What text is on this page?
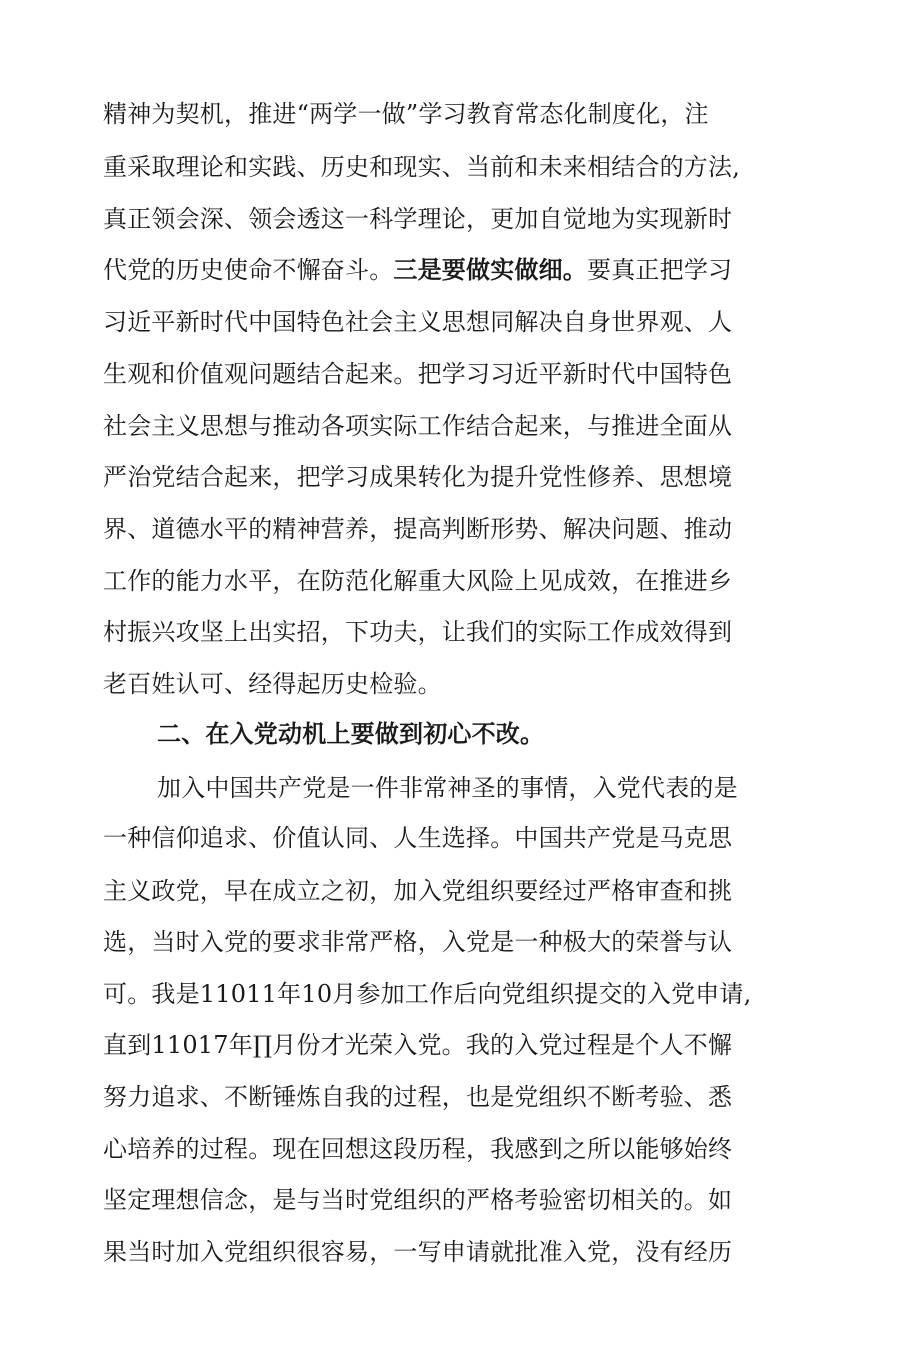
精神为契机，推进“两学一做”学习教育常态化制度化，注
重采取理论和实践、历史和现实、当前和未来相结合的方法,
真正领会深、领会透这一科学理论，更加自觉地为实现新时
代党的历史使命不懈奋斗。三是要做实做细。要真正把学习
习近平新时代中国特色社会主义思想同解决自身世界观、人
生观和价值观问题结合起来。把学习习近平新时代中国特色
社会主义思想与推动各项实际工作结合起来，与推进全面从
严治党结合起来，把学习成果转化为提升党性修养、思想境
界、道德水平的精神营养，提高判断形势、解决问题、推动
工作的能力水平，在防范化解重大风险上见成效，在推进乡
村振兴攻坚上出实招，下功夫，让我们的实际工作成效得到
老百姓认可、经得起历史检验。
二、在入党动机上要做到初心不改。
加入中国共产党是一件非常神圣的事情，入党代表的是
一种信仰追求、价值认同、人生选择。中国共产党是马克思
主义政党，早在成立之初，加入党组织要经过严格审查和挑
选，当时入党的要求非常严格，入党是一种极大的荣誉与认
可。我是11011年10月参加工作后向党组织提交的入党申请,
直到11017年∏月份才光荣入党。我的入党过程是个人不懈
努力追求、不断锤炼自我的过程，也是党组织不断考验、悉
心培养的过程。现在回想这段历程，我感到之所以能够始终
坚定理想信念，是与当时党组织的严格考验密切相关的。如
果当时加入党组织很容易，一写申请就批准入党，没有经历
